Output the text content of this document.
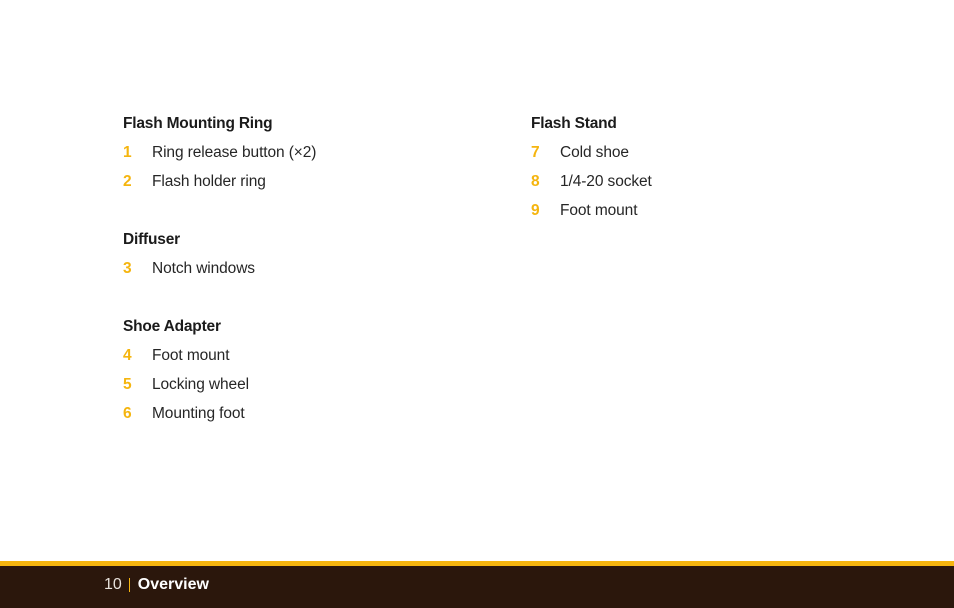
Flash Mounting Ring
1	Ring release button (×2)
2	Flash holder ring
Diffuser
3	Notch windows
Shoe Adapter
4	Foot mount
5	Locking wheel
6	Mounting foot
Flash Stand
7	Cold shoe
8	1/4-20 socket
9	Foot mount
10 Overview
